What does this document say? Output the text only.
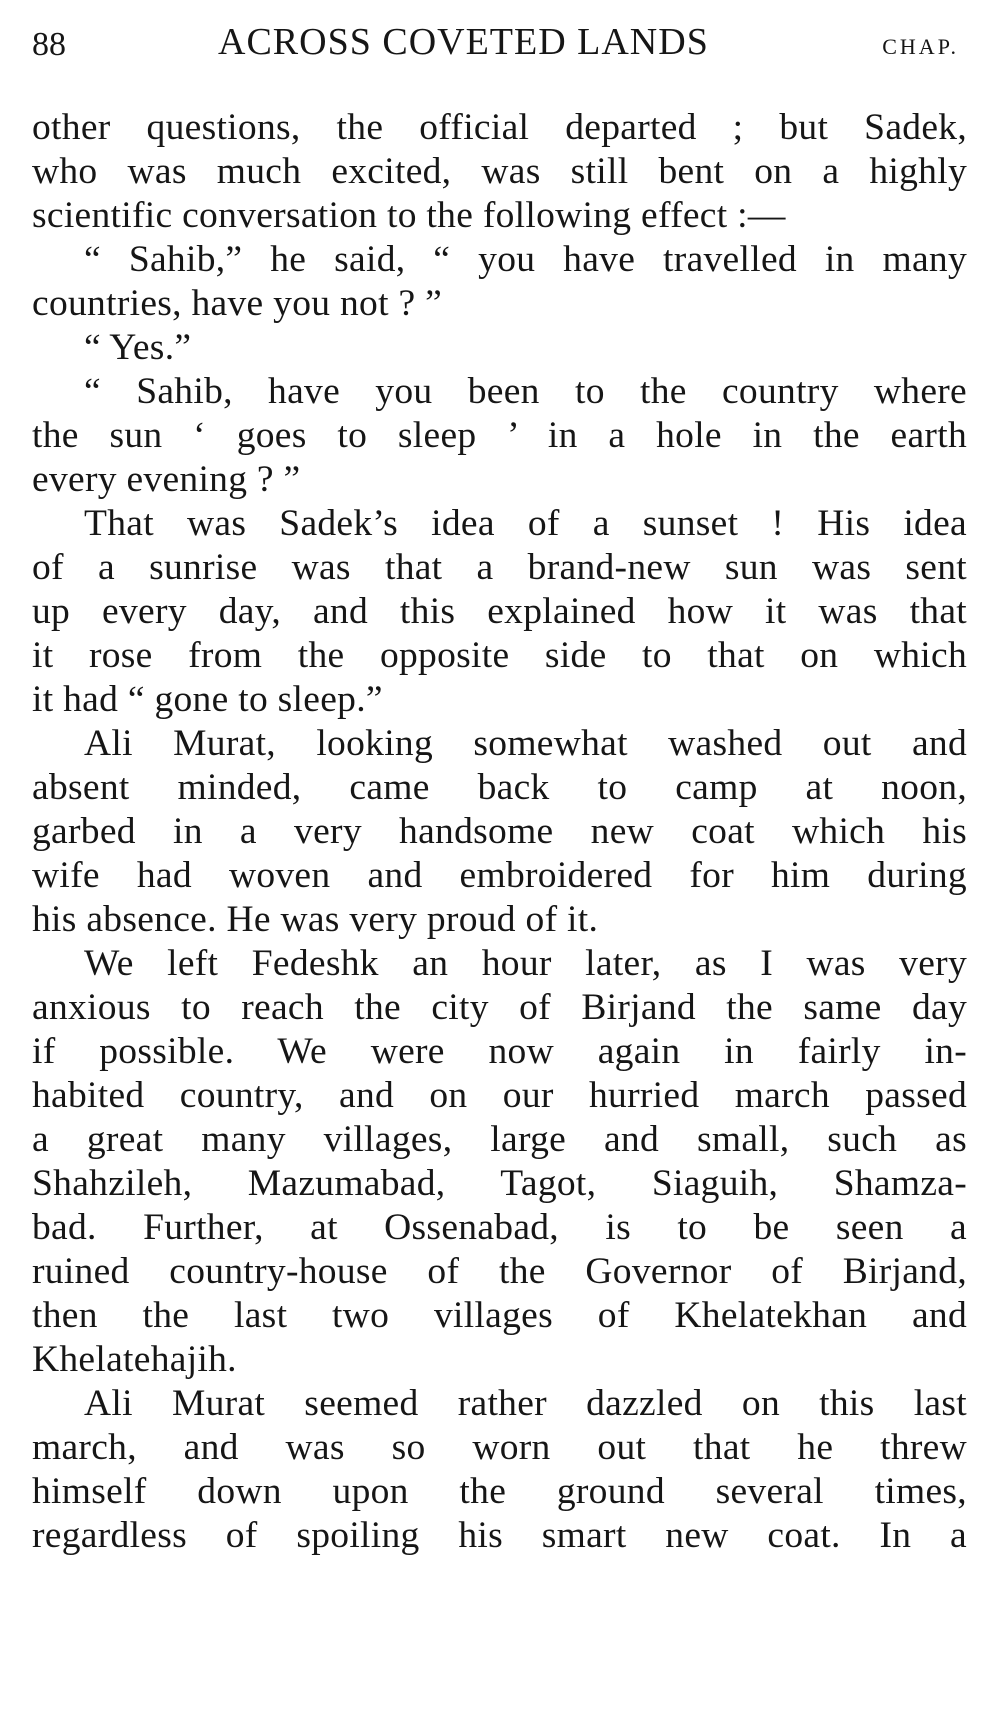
88	ACROSS COVETED LANDS	CHAP.

other questions, the official departed ; but Sadek,
who was much excited, was still bent on a highly
scientific conversation to the following effect :—

“ Sahib,” he said, “ you have travelled in many
countries, have you not ? ”

“ Yes.”

“ Sahib, have you been to the country where
the sun ‘ goes to sleep ’ in a hole in the earth
every evening ? ”

That was Sadek’s idea of a sunset ! His idea
of a sunrise was that a brand-new sun was sent
up every day, and this explained how it was that
it rose from the opposite side to that on which
it had “ gone to sleep.”

Ali Murat, looking somewhat washed out and
absent minded, came back to camp at noon,
garbed in a very handsome new coat which his
wife had woven and embroidered for him during
his absence. He was very proud of it.

We left Fedeshk an hour later, as I was very
anxious to reach the city of Birjand the same day
if possible. We were now again in fairly in-
habited country, and on our hurried march passed
a great many villages, large and small, such as
Shahzileh, Mazumabad, Tagot, Siaguih, Shamza-
bad. Further, at Ossenabad, is to be seen a
ruined country-house of the Governor of Birjand,
then the last two villages of Khelatekhan and
Khelatehajih.

Ali Murat seemed rather dazzled on this last
march, and was so worn out that he threw
himself down upon the ground several times,
regardless of spoiling his smart new coat. In a
